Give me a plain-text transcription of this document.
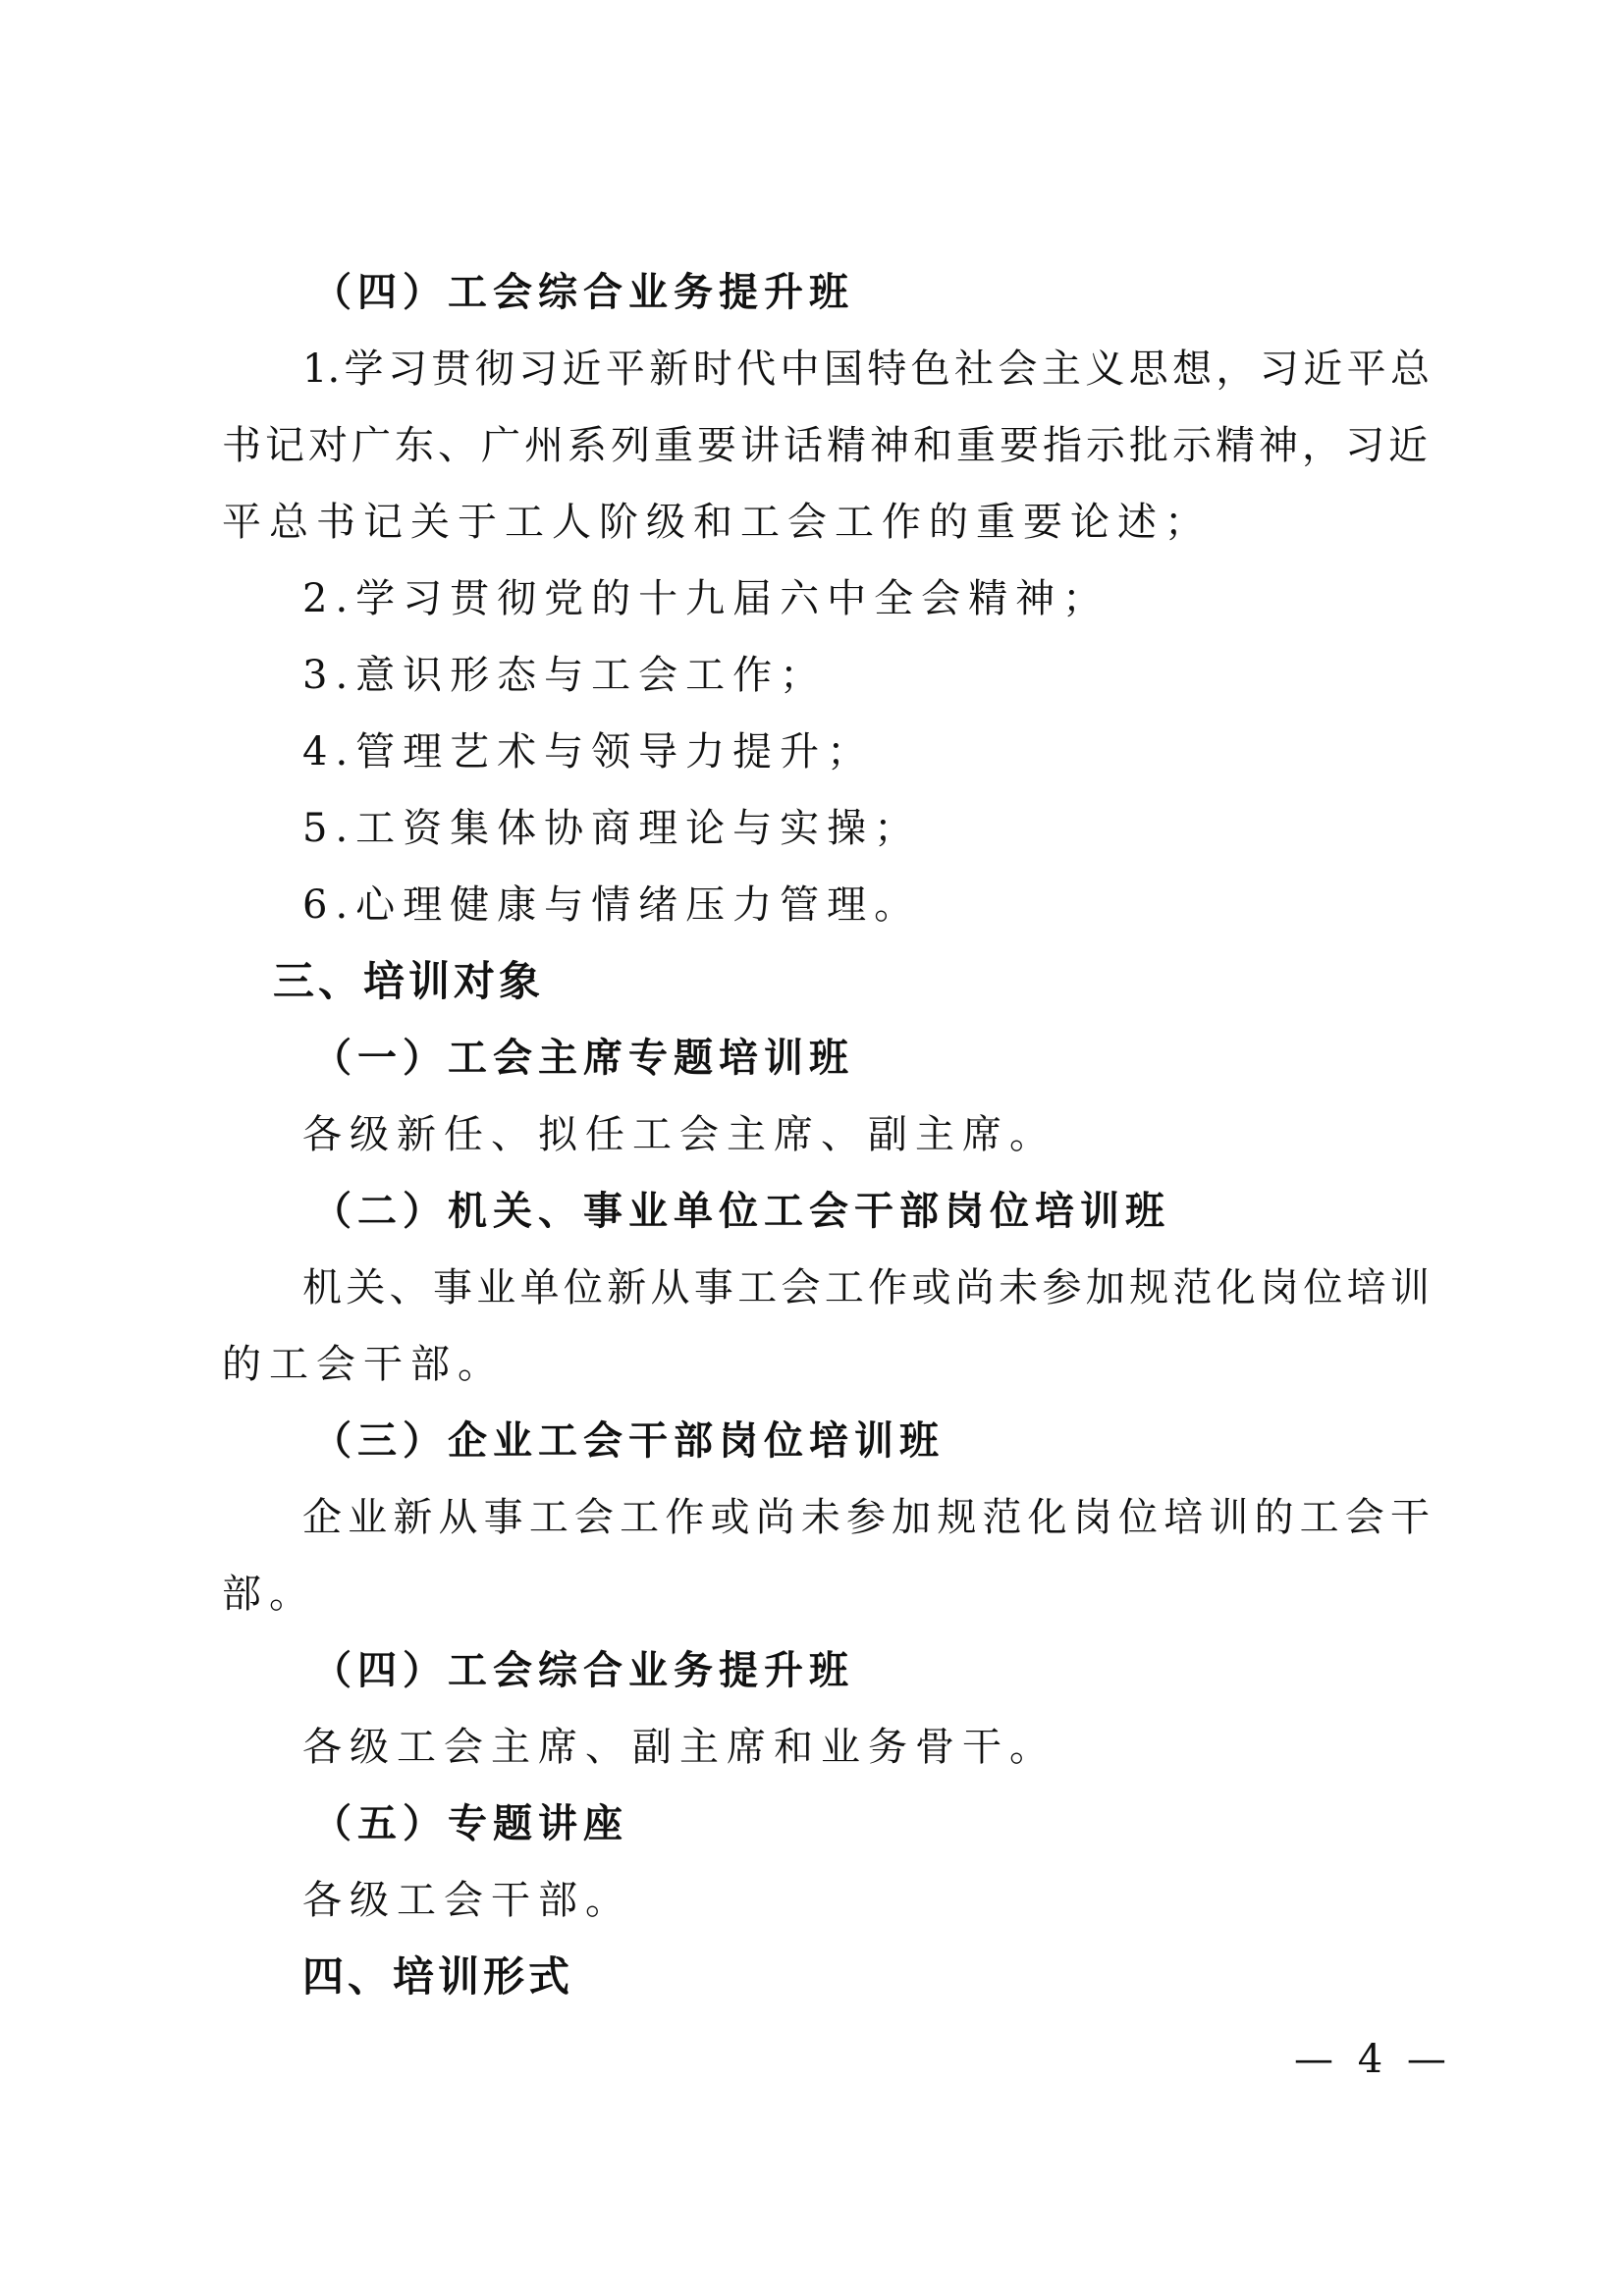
（四）工会综合业务提升班
1.学习贯彻习近平新时代中国特色社会主义思想，习近平总
书记对广东、广州系列重要讲话精神和重要指示批示精神，习近
平总书记关于工人阶级和工会工作的重要论述；
2.学习贯彻党的十九届六中全会精神；
3.意识形态与工会工作；
4.管理艺术与领导力提升；
5.工资集体协商理论与实操；
6.心理健康与情绪压力管理。
三、培训对象
（一）工会主席专题培训班
各级新任、拟任工会主席、副主席。
（二）机关、事业单位工会干部岗位培训班
机关、事业单位新从事工会工作或尚未参加规范化岗位培训
的工会干部。
（三）企业工会干部岗位培训班
企业新从事工会工作或尚未参加规范化岗位培训的工会干
部。
（四）工会综合业务提升班
各级工会主席、副主席和业务骨干。
（五）专题讲座
各级工会干部。
四、培训形式
— 4 —
